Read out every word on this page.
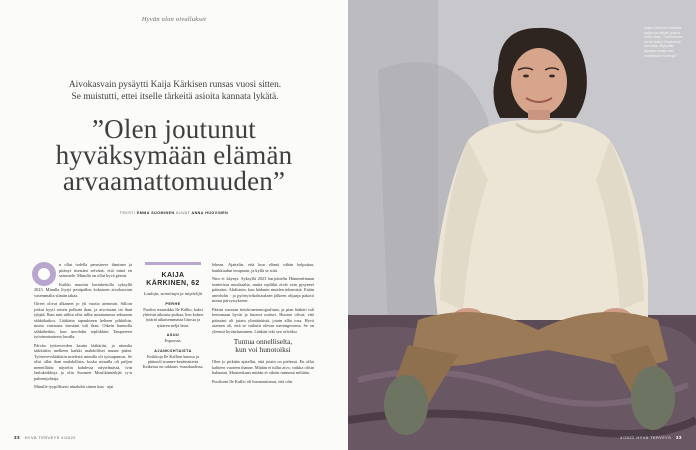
Hyvän olon oivallukset
Aivokasvain pysäytti Kaija Kärkisen runsas vuosi sitten.
Se muistutti, ettei itselle tärkeitä asioita kannata lykätä.
”Olen joutunut
hyväksymään elämän
arvaamattomuuden”
TEKSTI EMMA SUOMINEN KUVAT ANNA HUOVINEN

n ollut todella perusterve ihminen ja pitänyt itsestäni selvänä, että minä en sairastele. Minulla on ollut hyvä geenit.

Kaikki muuttui kertaheitolla syksyllä 2023. Minulla löytyi pesäpallon kokoinen aivokasvain vasemmalta silmän takaa.

Oireet olivat alkaneet jo yli vuotta aiemmin. Silloin jotkut kyyti toisen polkuni ihan, ja aivoissani tai ihan tyhjää. Ihan tuin niihin olisi tullut muutamassa sekunnin sähkökatkos. Lääkärin tapaukseen helteen pihkiihin, mutta vastausta itsestäni tuli ihan. Oikein kunnolla sähkäheikin, kun ureohdin repliikkini Tampereen työväenteatterin lavalla.

Päivän työtervevden kautta lääkäriin, ja niinulta taikkittiin melkeen kaikki mahdolliset muunt pääni. Työtervevslääkärin mielestä minulla oli työuupumus. Se olisi ollut ihan mahdollista, koska minulla oli paljon meneillään: näytelin kahdessa näytelmässä, ivin laulukeikkoja ja olin Suomen Musiikinneikjät ry:n puheenjohtaja.

Minulle tyypillisesti uinahdin siinen kun · ajat

KAIJA KÄRKINEN, 62
Laulaja, sanoittaja ja näyttelijä
PERHE
Puoliso muusikko Ile Kallio, kaksi yhteistä aikuista poikaa, lien kolme tytärtä aikaisemmasta liitosta ja tyttären neljä lasta.
ASUU
Espoossa.
AJANKOHTAISTA
Keikkoja Ile Kallion kanssa ja päärooli trunner-kesäteatterin Kaikessa on rakkaus -musikaalissa.

lehean. Ajattelin, että kun elämä vähän helpottaa, hankkiudun terapiaan, ja kyllä se siitä.

Niin ei käynyt. Syksyllä 2023 harjoittelin Hämeenlinnan teatterissa musikaalia, mutta repliikit eivät vain pysyneet päässäni. Ahdistuin, kun hädanin muiden tekemistä. Erään uneohdin · ja pyörtyivikohtauksen jälkeen ohjaaja pakotti minut päivystykseen.

Pääsin suoraan tietokonetomografiaan, ja pian lääkäri tuli kertomaan hyvät ja huonot uutiset. Huonot olivat, että päässäni oli jotain ylimääräistä, jotain allia tosa. Hyvä asemen oli, että se vaikutti olevan meningeooma. Se on yleensä hyvänlaatuinen. Lääkäri teki sen selväksi.

Tuntua onnelliselta,
kun voi hunotoiksi

Olen jo pitkään ajatellut, että jotain on pielessä. En ollut kahteen vuoteen ihanne. Mitään ei tullut aivo, vaikka olisin halunnut. Muutenkaan mitään ei oikein tuntunut miltään.

Puolisoni Ile Kallio oli huomauttanut, että olin

33 HYVÄ TERVEYS 4/2022
Kaija Kärkinen kävelee paljon ja vähän joskus sekin taas. ”Tuntuisihan aivan joskin ihastuman navoista. Nykyään jaksaan enää vain mielilyttää molempi.”
4/2022 HYVÄ TERVEYS 33
